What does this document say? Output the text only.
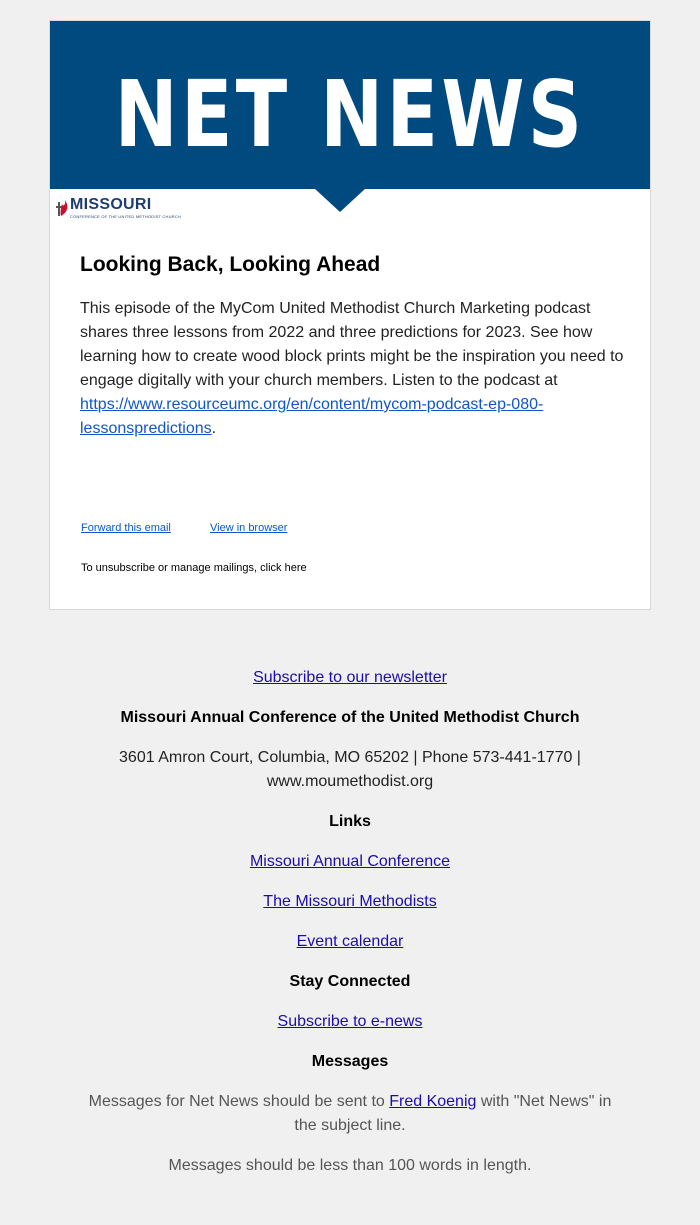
NET NEWS
MISSOURI
CONFERENCE OF THE UNITED METHODIST CHURCH
Looking Back, Looking Ahead

This episode of the MyCom United Methodist Church Marketing podcast shares three lessons from 2022 and three predictions for 2023. See how learning how to create wood block prints might be the inspiration you need to engage digitally with your church members. Listen to the podcast at https://www.resourceumc.org/en/content/mycom-podcast-ep-080-lessonspredictions.

Forward this email	View in browser
To unsubscribe or manage mailings, click here

Subscribe to our newsletter

Missouri Annual Conference of the United Methodist Church

3601 Amron Court, Columbia, MO 65202 | Phone 573-441-1770 | www.moumethodist.org

Links

Missouri Annual Conference

The Missouri Methodists

Event calendar

Stay Connected

Subscribe to e-news

Messages

Messages for Net News should be sent to Fred Koenig with "Net News" in the subject line.

Messages should be less than 100 words in length.
